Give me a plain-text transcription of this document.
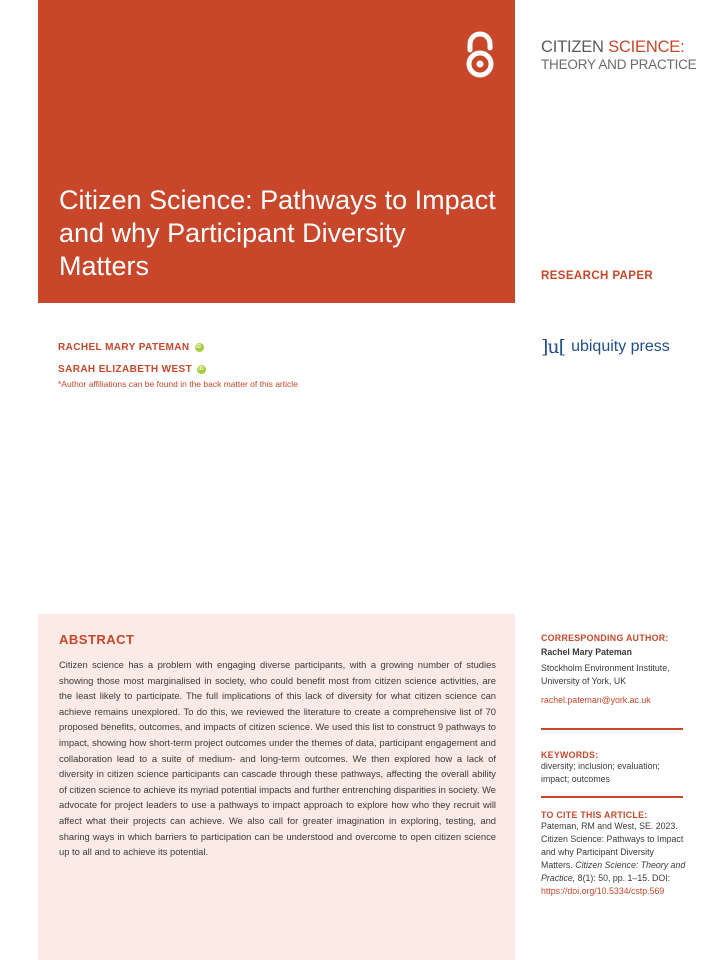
Citizen Science: Pathways to Impact and why Participant Diversity Matters
CITIZEN SCIENCE:
THEORY AND PRACTICE
RESEARCH PAPER
RACHEL MARY PATEMAN
iD
SARAH ELIZABETH WEST
iD
*Author affiliations can be found in the back matter of this article
]u[ ubiquity press
ABSTRACT

Citizen science has a problem with engaging diverse participants, with a growing number of studies showing those most marginalised in society, who could benefit most from citizen science activities, are the least likely to participate. The full implications of this lack of diversity for what citizen science can achieve remains unexplored. To do this, we reviewed the literature to create a comprehensive list of 70 proposed benefits, outcomes, and impacts of citizen science. We used this list to construct 9 pathways to impact, showing how short-term project outcomes under the themes of data, participant engagement and collaboration lead to a suite of medium- and long-term outcomes. We then explored how a lack of diversity in citizen science participants can cascade through these pathways, affecting the overall ability of citizen science to achieve its myriad potential impacts and further entrenching disparities in society. We advocate for project leaders to use a pathways to impact approach to explore how who they recruit will affect what their projects can achieve. We also call for greater imagination in exploring, testing, and sharing ways in which barriers to participation can be understood and overcome to open citizen science up to all and to achieve its potential.

CORRESPONDING AUTHOR:
Rachel Mary Pateman
Stockholm Environment Institute, University of York, UK
rachel.pateman@york.ac.uk
KEYWORDS:
diversity; inclusion; evaluation; impact; outcomes
TO CITE THIS ARTICLE:
Pateman, RM and West, SE. 2023. Citizen Science: Pathways to Impact and why Participant Diversity Matters. Citizen Science: Theory and Practice, 8(1): 50, pp. 1–15. DOI: https://doi.org/10.5334/cstp.569
